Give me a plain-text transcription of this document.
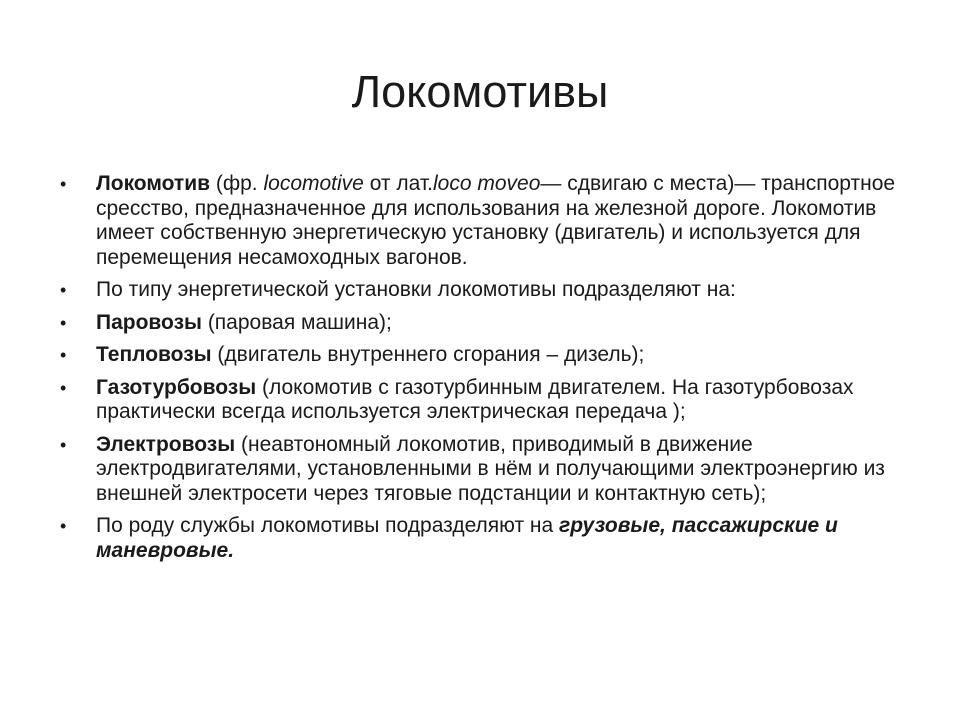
Локомотивы
•	Локомотив (фр. locomotive от лат.loco moveo— сдвигаю с места)— транспортное сресство, предназначенное для использования на железной дороге. Локомотив имеет собственную энергетическую установку (двигатель) и используется для перемещения несамоходных вагонов.
•	По типу энергетической установки локомотивы подразделяют на:
•	Паровозы (паровая машина);
•	Тепловозы (двигатель внутреннего сгорания – дизель);
•	Газотурбовозы (локомотив с газотурбинным двигателем. На газотурбовозах практически всегда используется электрическая передача );
•	Электровозы (неавтономный локомотив, приводимый в движение электродвигателями, установленными в нём и получающими электроэнергию из внешней электросети через тяговые подстанции и контактную сеть);
•	По роду службы локомотивы подразделяют на грузовые, пассажирские и маневровые.
